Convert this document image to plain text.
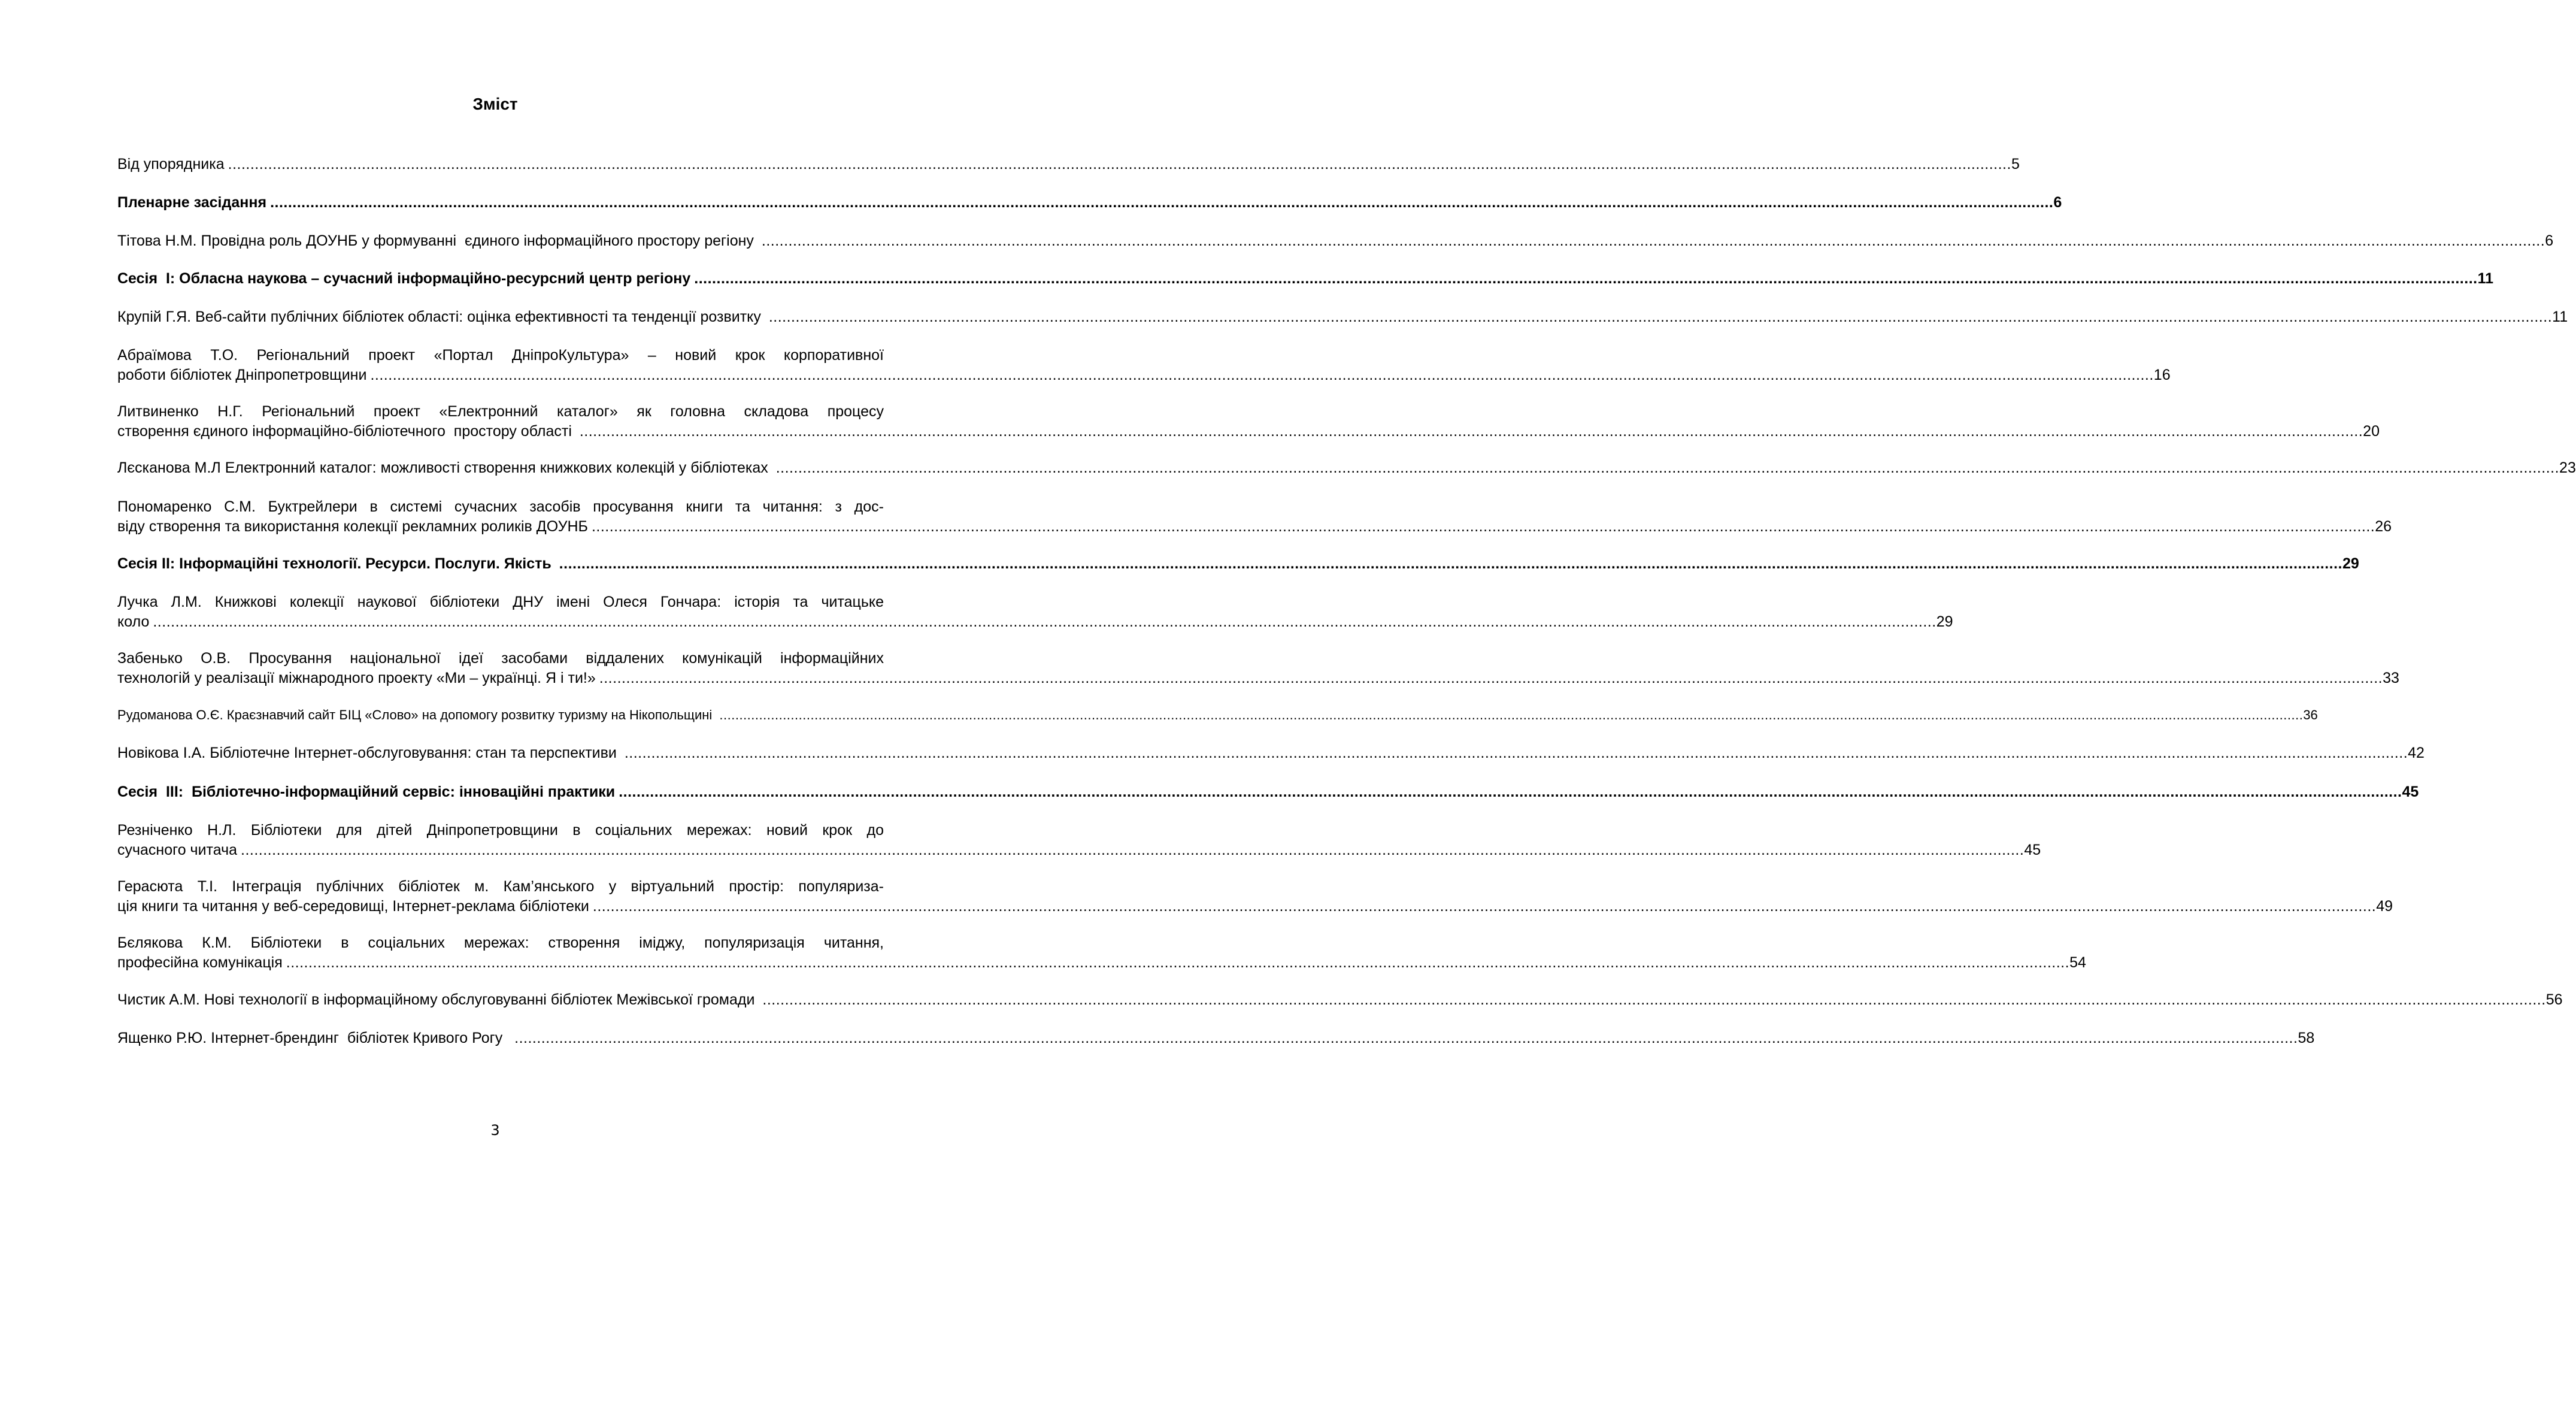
Зміст
Від упорядника ................................................................................................................................................................................................................................................................................................................................................................................................................ 5
Пленарне засідання ................................................................................................................................................................................................................................................................................................................................................................................................................ 6
Тітова Н.М. Провідна роль ДОУНБ у формуванні  єдиного інформаційного простору регіону ................................................................................................................................................................................................................................................................................................................................................................................................................ 6
Сесія  І: Обласна наукова – сучасний інформаційно-ресурсний центр регіону ................................................................................................................................................................................................................................................................................................................................................................................................................ 11
Крупій Г.Я. Веб-сайти публічних бібліотек області: оцінка ефективності та тенденції розвитку ................................................................................................................................................................................................................................................................................................................................................................................................................ 11
Абраїмова Т.О. Регіональний проект «Портал ДніпроКультура» – новий крок корпоративної
роботи бібліотек Дніпропетровщини ................................................................................................................................................................................................................................................................................................................................................................................................................ 16
Литвиненко Н.Г. Регіональний проект «Електронний каталог» як головна складова процесу
створення єдиного інформаційно-бібліотечного  простору області ................................................................................................................................................................................................................................................................................................................................................................................................................ 20
Лєсканова М.Л Електронний каталог: можливості створення книжкових колекцій у бібліотеках ................................................................................................................................................................................................................................................................................................................................................................................................................ 23
Пономаренко С.М. Буктрейлери в системі сучасних засобів просування книги та читання: з дос-
віду створення та використання колекції рекламних роликів ДОУНБ ................................................................................................................................................................................................................................................................................................................................................................................................................ 26
Сесія ІІ: Інформаційні технології. Ресурси. Послуги. Якість ................................................................................................................................................................................................................................................................................................................................................................................................................ 29
Лучка Л.М. Книжкові колекції наукової бібліотеки ДНУ імені Олеся Гончара: історія та читацьке
коло ................................................................................................................................................................................................................................................................................................................................................................................................................ 29
Забенько О.В. Просування національної ідеї засобами віддалених комунікацій інформаційних
технологій у реалізації міжнародного проекту «Ми – українці. Я і ти!» ................................................................................................................................................................................................................................................................................................................................................................................................................ 33
Рудоманова О.Є. Краєзнавчий сайт БІЦ «Слово» на допомогу розвитку туризму на Нікопольщині ................................................................................................................................................................................................................................................................................................................................................................................................................ 36
Новікова І.А. Бібліотечне Інтернет-обслуговування: стан та перспективи ................................................................................................................................................................................................................................................................................................................................................................................................................ 42
Сесія  ІІІ:  Бібліотечно-інформаційний сервіс: інноваційні практики ................................................................................................................................................................................................................................................................................................................................................................................................................ 45
Резніченко Н.Л. Бібліотеки для дітей Дніпропетровщини в соціальних мережах: новий крок до
сучасного читача ................................................................................................................................................................................................................................................................................................................................................................................................................ 45
Герасюта Т.І. Інтеграція публічних бібліотек м. Кам’янського у віртуальний простір: популяриза-
ція книги та читання у веб-середовищі, Інтернет-реклама бібліотеки ................................................................................................................................................................................................................................................................................................................................................................................................................ 49
Бєлякова К.М. Бібліотеки в соціальних мережах: створення іміджу, популяризація читання,
професійна комунікація ................................................................................................................................................................................................................................................................................................................................................................................................................ 54
Чистик А.М. Нові технології в інформаційному обслуговуванні бібліотек Межівської громади ................................................................................................................................................................................................................................................................................................................................................................................................................ 56
Ященко Р.Ю. Інтернет-брендинг  бібліотек Кривого Рогу ................................................................................................................................................................................................................................................................................................................................................................................................................ 58
3
